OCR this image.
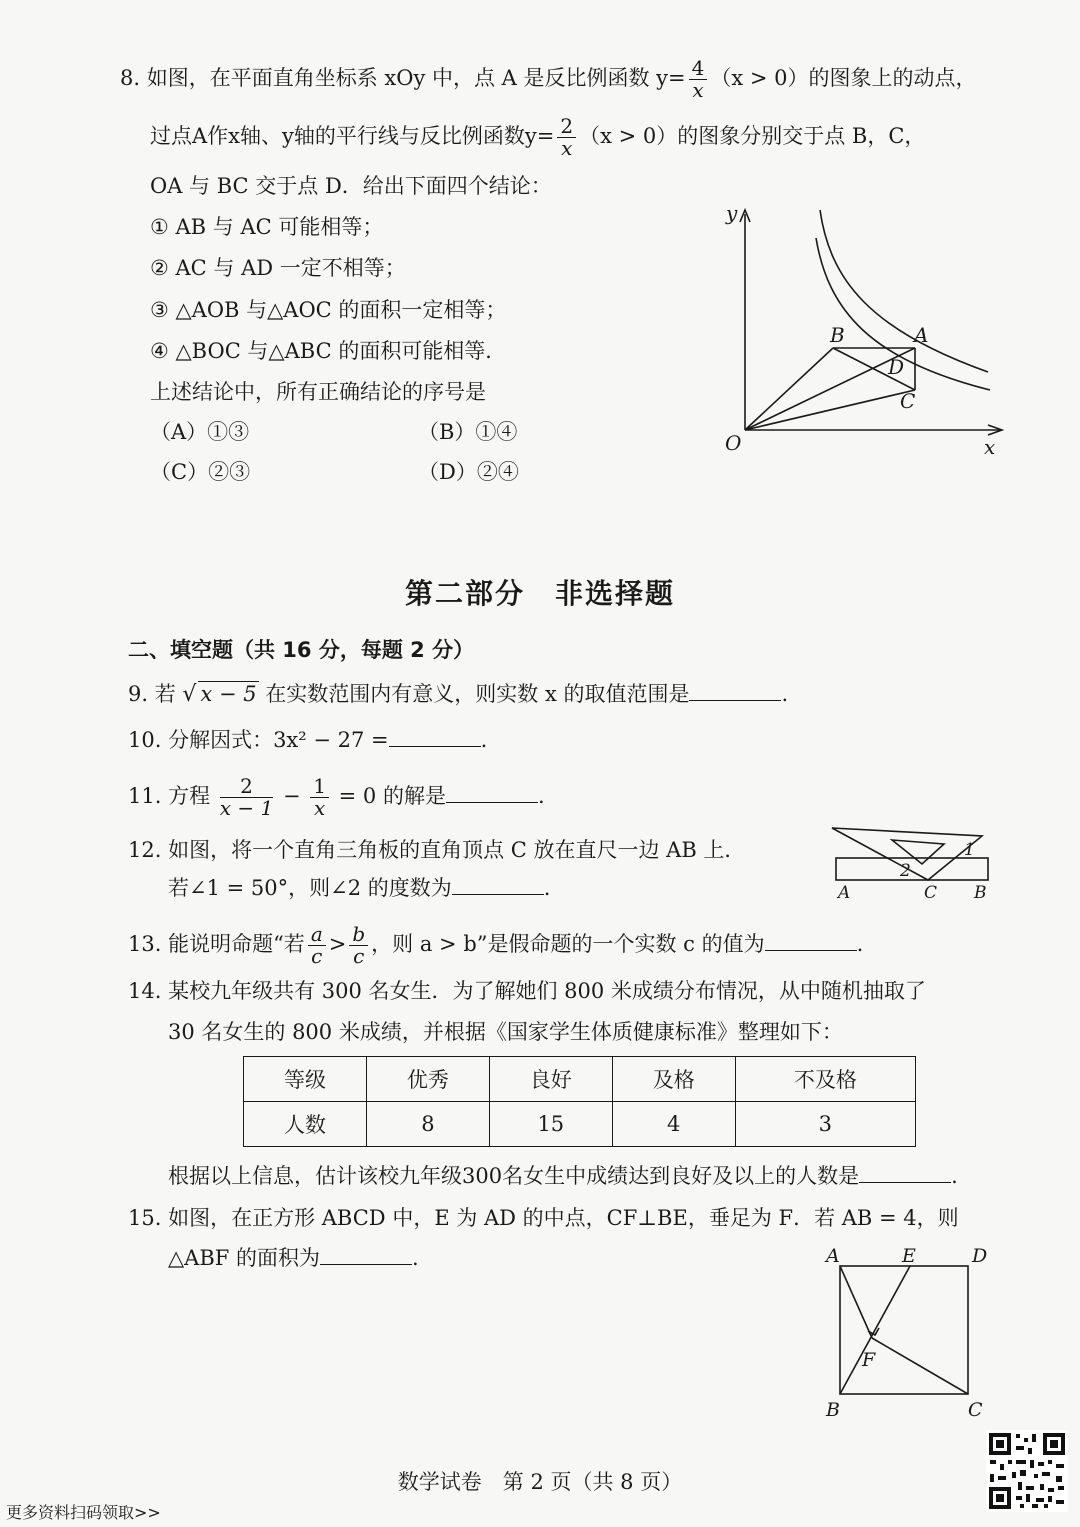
8. 如图，在平面直角坐标系 xOy 中，点 A 是反比例函数 $y= \frac{4}{x} (x > 0)$的图象上的动点，
过点A作x轴、y轴的平行线与反比例函数$y= \frac{2}{x} (x > 0)$的图象分别交于点 B，C，
OA 与 BC 交于点 D．给出下面四个结论：
① AB 与 AC 可能相等；
② AC 与 AD 一定不相等；
③ △AOB 与△AOC 的面积一定相等；
④ △BOC 与△ABC 的面积可能相等．
上述结论中，所有正确结论的序号是
（A）①③	（B）①④
（C）②③	（D）②④
y
x
O
A
B
C
D
第二部分　非选择题
二、填空题（共 16 分，每题 2 分）
9. 若 √ x − 5 在实数范围内有意义，则实数 x 的取值范围是	.
10. 分解因式：3x² − 27 =	.
11. 方程 $\frac{2}{x - 1} - \frac{1}{x} = 0$ 的解是	.
12. 如图，将一个直角三角板的直角顶点 C 放在直尺一边 AB 上．
若∠1 = 50°，则∠2 的度数为	.	A	C B
1
2
13. 能说明命题“若 $\frac{a}{c} > \frac{b}{c}$ ，则 a > b”是假命题的一个实数 c 的值为	.
14. 某校九年级共有 300 名女生．为了解她们 800 米成绩分布情况，从中随机抽取了
30 名女生的 800 米成绩，并根据《国家学生体质健康标准》整理如下：
等级	优秀	良好	及格	不及格
人数	8	15	4	3
根据以上信息，估计该校九年级300名女生中成绩达到良好及以上的人数是	.
15. 如图，在正方形 ABCD 中，E 为 AD 的中点，CF⊥BE，垂足为 F．若 AB = 4，则
△ABF 的面积为	.	A	E	D
F
B	C
数学试卷　第 2 页（共 8 页）
更多资料扫码领取>>
